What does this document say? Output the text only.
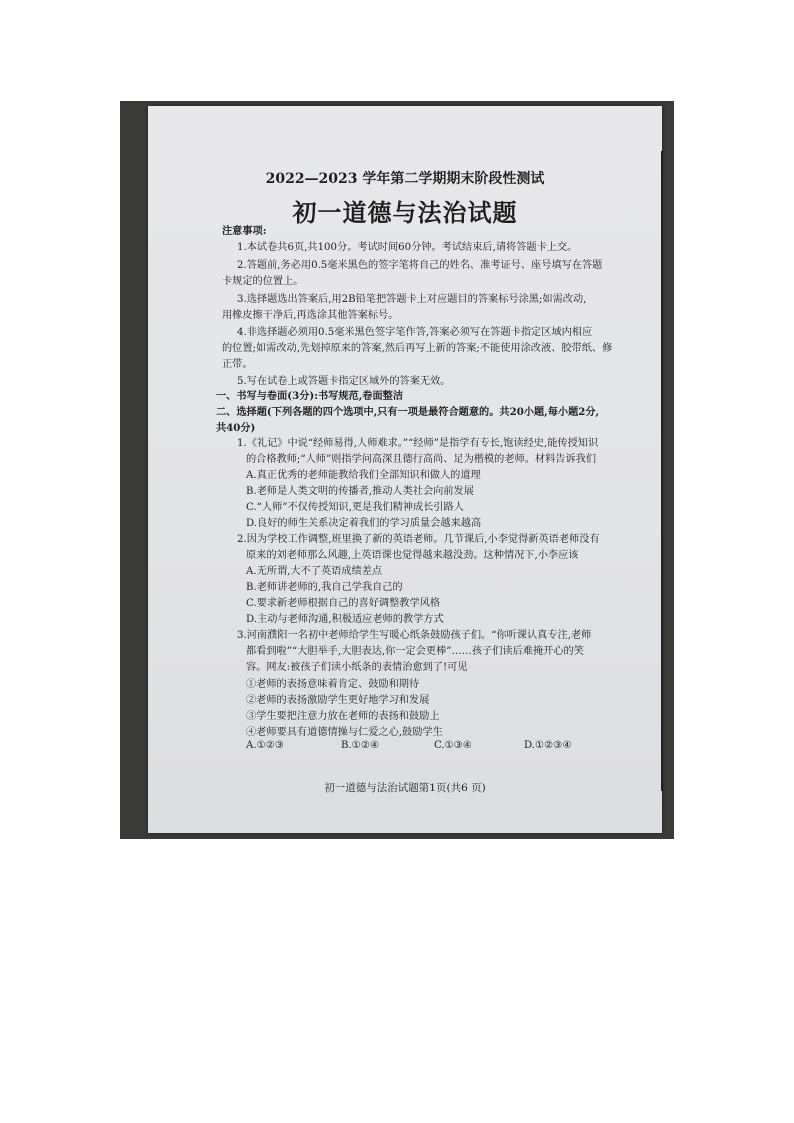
2022—2023 学年第二学期期末阶段性测试
初一道德与法治试题
注意事项:
1.本试卷共6页,共100分。考试时间60分钟。考试结束后,请将答题卡上交。
2.答题前,务必用0.5毫米黑色的签字笔将自己的姓名、准考证号、座号填写在答题
卡规定的位置上。
3.选择题选出答案后,用2B铅笔把答题卡上对应题目的答案标号涂黑;如需改动,
用橡皮擦干净后,再选涂其他答案标号。
4.非选择题必须用0.5毫米黑色签字笔作答,答案必须写在答题卡指定区域内相应
的位置;如需改动,先划掉原来的答案,然后再写上新的答案;不能使用涂改液、胶带纸、修
正带。
5.写在试卷上或答题卡指定区域外的答案无效。
一、书写与卷面(3分):书写规范,卷面整洁
二、选择题(下列各题的四个选项中,只有一项是最符合题意的。共20小题,每小题2分,
共40分)
1.《礼记》中说“经师易得,人师难求。”“经师”是指学有专长,饱读经史,能传授知识
的合格教师;“人师”则指学问高深且德行高尚、足为楷模的老师。材料告诉我们
A.真正优秀的老师能教给我们全部知识和做人的道理
B.老师是人类文明的传播者,推动人类社会向前发展
C.“人师”不仅传授知识,更是我们精神成长引路人
D.良好的师生关系决定着我们的学习质量会越来越高
2.因为学校工作调整,班里换了新的英语老师。几节课后,小李觉得新英语老师没有
原来的刘老师那么风趣,上英语课也觉得越来越没劲。这种情况下,小李应该
A.无所谓,大不了英语成绩差点
B.老师讲老师的,我自己学我自己的
C.要求新老师根据自己的喜好调整教学风格
D.主动与老师沟通,积极适应老师的教学方式
3.河南濮阳一名初中老师给学生写暖心纸条鼓励孩子们。“你听课认真专注,老师
都看到啦”“大胆举手,大胆表达,你一定会更棒”……孩子们读后难掩开心的笑
容。网友:被孩子们读小纸条的表情治愈到了!可见
①老师的表扬意味着肯定、鼓励和期待
②老师的表扬激励学生更好地学习和发展
③学生要把注意力放在老师的表扬和鼓励上
④老师要具有道德情操与仁爱之心,鼓励学生
A.①②③	B.①②④	C.①③④	D.①②③④
初一道德与法治试题第1页(共6 页)
